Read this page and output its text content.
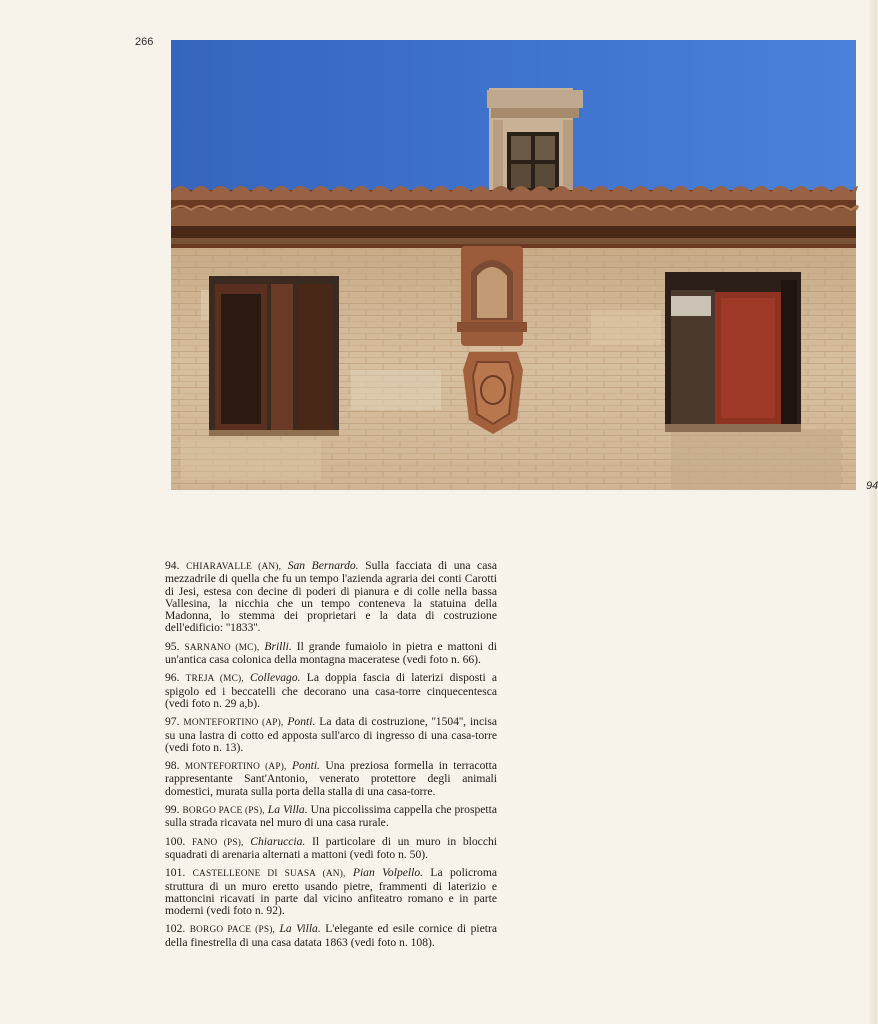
266
94

94. CHIARAVALLE (AN), San Bernardo. Sulla facciata di una casa mezzadrile di quella che fu un tempo l'azienda agraria dei conti Carotti di Jesi, estesa con decine di poderi di pianura e di colle nella bassa Vallesina, la nicchia che un tempo conteneva la statuina della Madonna, lo stemma dei proprietari e la data di costruzione dell'edificio: ''1833''.

95. SARNANO (MC), Brilli. Il grande fumaiolo in pietra e mattoni di un'antica casa colonica della montagna maceratese (vedi foto n. 66).

96. TREJA (MC), Collevago. La doppia fascia di laterizi disposti a spigolo ed i beccatelli che decorano una casa-torre cinquecentesca (vedi foto n. 29 a,b).

97. MONTEFORTINO (AP), Ponti. La data di costruzione, ''1504'', incisa su una lastra di cotto ed apposta sull'arco di ingresso di una casa-torre (vedi foto n. 13).

98. MONTEFORTINO (AP), Ponti. Una preziosa formella in terracotta rappresentante Sant'Antonio, venerato protettore degli animali domestici, murata sulla porta della stalla di una casa-torre.

99. BORGO PACE (PS), La Villa. Una piccolissima cappella che prospetta sulla strada ricavata nel muro di una casa rurale.

100. FANO (PS), Chiaruccia. Il particolare di un muro in blocchi squadrati di arenaria alternati a mattoni (vedi foto n. 50).

101. CASTELLEONE DI SUASA (AN), Pian Volpello. La policroma struttura di un muro eretto usando pietre, frammenti di laterizio e mattoncini ricavati in parte dal vicino anfiteatro romano e in parte moderni (vedi foto n. 92).

102. BORGO PACE (PS), La Villa. L'elegante ed esile cornice di pietra della finestrella di una casa datata 1863 (vedi foto n. 108).
